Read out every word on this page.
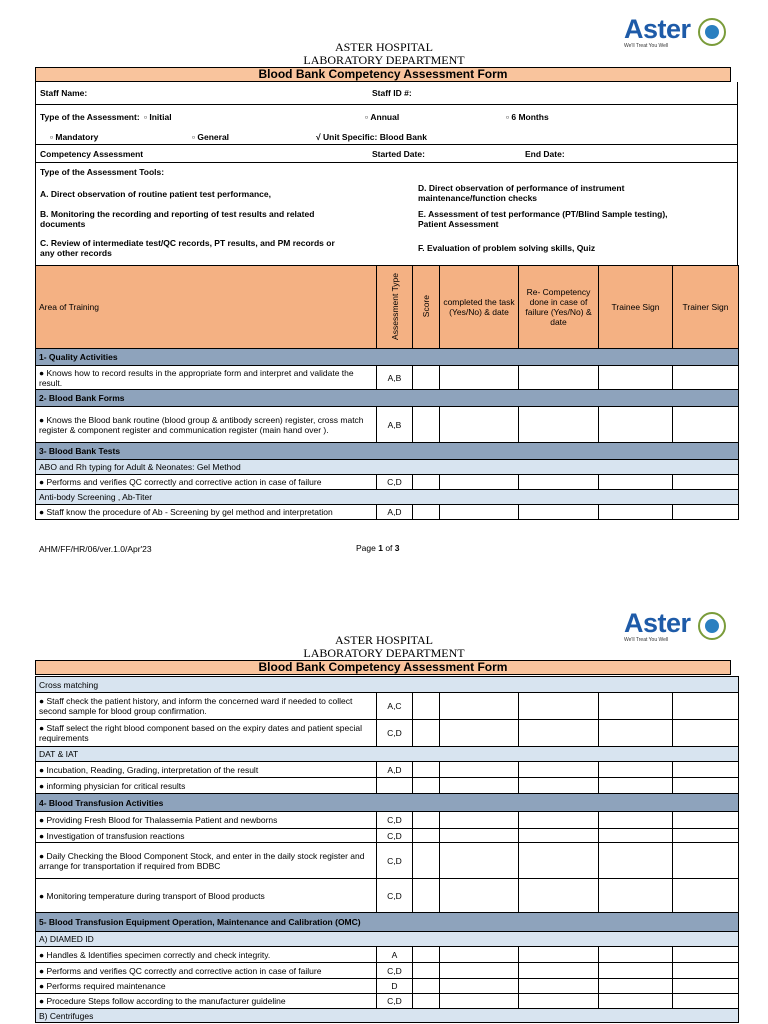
Aster
We'll Treat You Well
ASTER HOSPITAL
LABORATORY DEPARTMENT
Blood Bank Competency Assessment Form
Staff Name:	Staff ID #:
Type of the Assessment: ▫ Initial	▫ Annual	▫ 6 Months
▫ Mandatory	▫ General	√ Unit Specific: Blood Bank
Competency Assessment	Started Date:	End Date:
Type of the Assessment Tools:
A. Direct observation of routine patient test performance,
B. Monitoring the recording and reporting of test results and related documents
C. Review of intermediate test/QC records, PT results, and PM records or any other records
D. Direct observation of performance of instrument maintenance/function checks
E. Assessment of test performance (PT/Blind Sample testing), Patient Assessment
F. Evaluation of problem solving skills, Quiz
Area of Training	Assessment Type	Score	completed the task (Yes/No) & date	Re- Competency done in case of failure (Yes/No) & date	Trainee Sign	Trainer Sign
1- Quality Activities						
● Knows how to record results in the appropriate form and interpret and validate the result.	A,B					
2- Blood Bank Forms						
● Knows the Blood bank routine (blood group & antibody screen) register, cross match register & component register and communication register (main hand over ).	A,B					
3- Blood Bank Tests						
ABO and Rh typing for Adult & Neonates: Gel Method						
● Performs and verifies QC correctly and corrective action in case of failure	C,D					
Anti-body Screening , Ab-Titer						
● Staff know the procedure of Ab - Screening by gel method and interpretation	A,D					
AHM/FF/HR/06/ver.1.0/Apr'23	Page 1 of 3
Aster
We'll Treat You Well
ASTER HOSPITAL
LABORATORY DEPARTMENT
Blood Bank Competency Assessment Form
Cross matching						
● Staff check the patient history, and inform the concerned ward if needed to collect second sample for blood group confirmation.	A,C					
● Staff select the right blood component based on the expiry dates and patient special requirements	C,D					
DAT & IAT						
● Incubation, Reading, Grading, interpretation of the result	A,D					
● informing physician for critical results						
4- Blood Transfusion Activities						
● Providing Fresh Blood for Thalassemia Patient and newborns	C,D					
● Investigation of transfusion reactions	C,D					
● Daily Checking the Blood Component Stock, and enter in the daily stock register and arrange for transportation if required from BDBC	C,D					
● Monitoring temperature during transport of Blood products	C,D					
5- Blood Transfusion Equipment Operation, Maintenance and Calibration (OMC)						
A) DIAMED ID						
● Handles & Identifies specimen correctly and check integrity.	A					
● Performs and verifies QC correctly and corrective action in case of failure	C,D					
● Performs required maintenance	D					
● Procedure Steps follow according to the manufacturer guideline	C,D					
B) Centrifuges						
